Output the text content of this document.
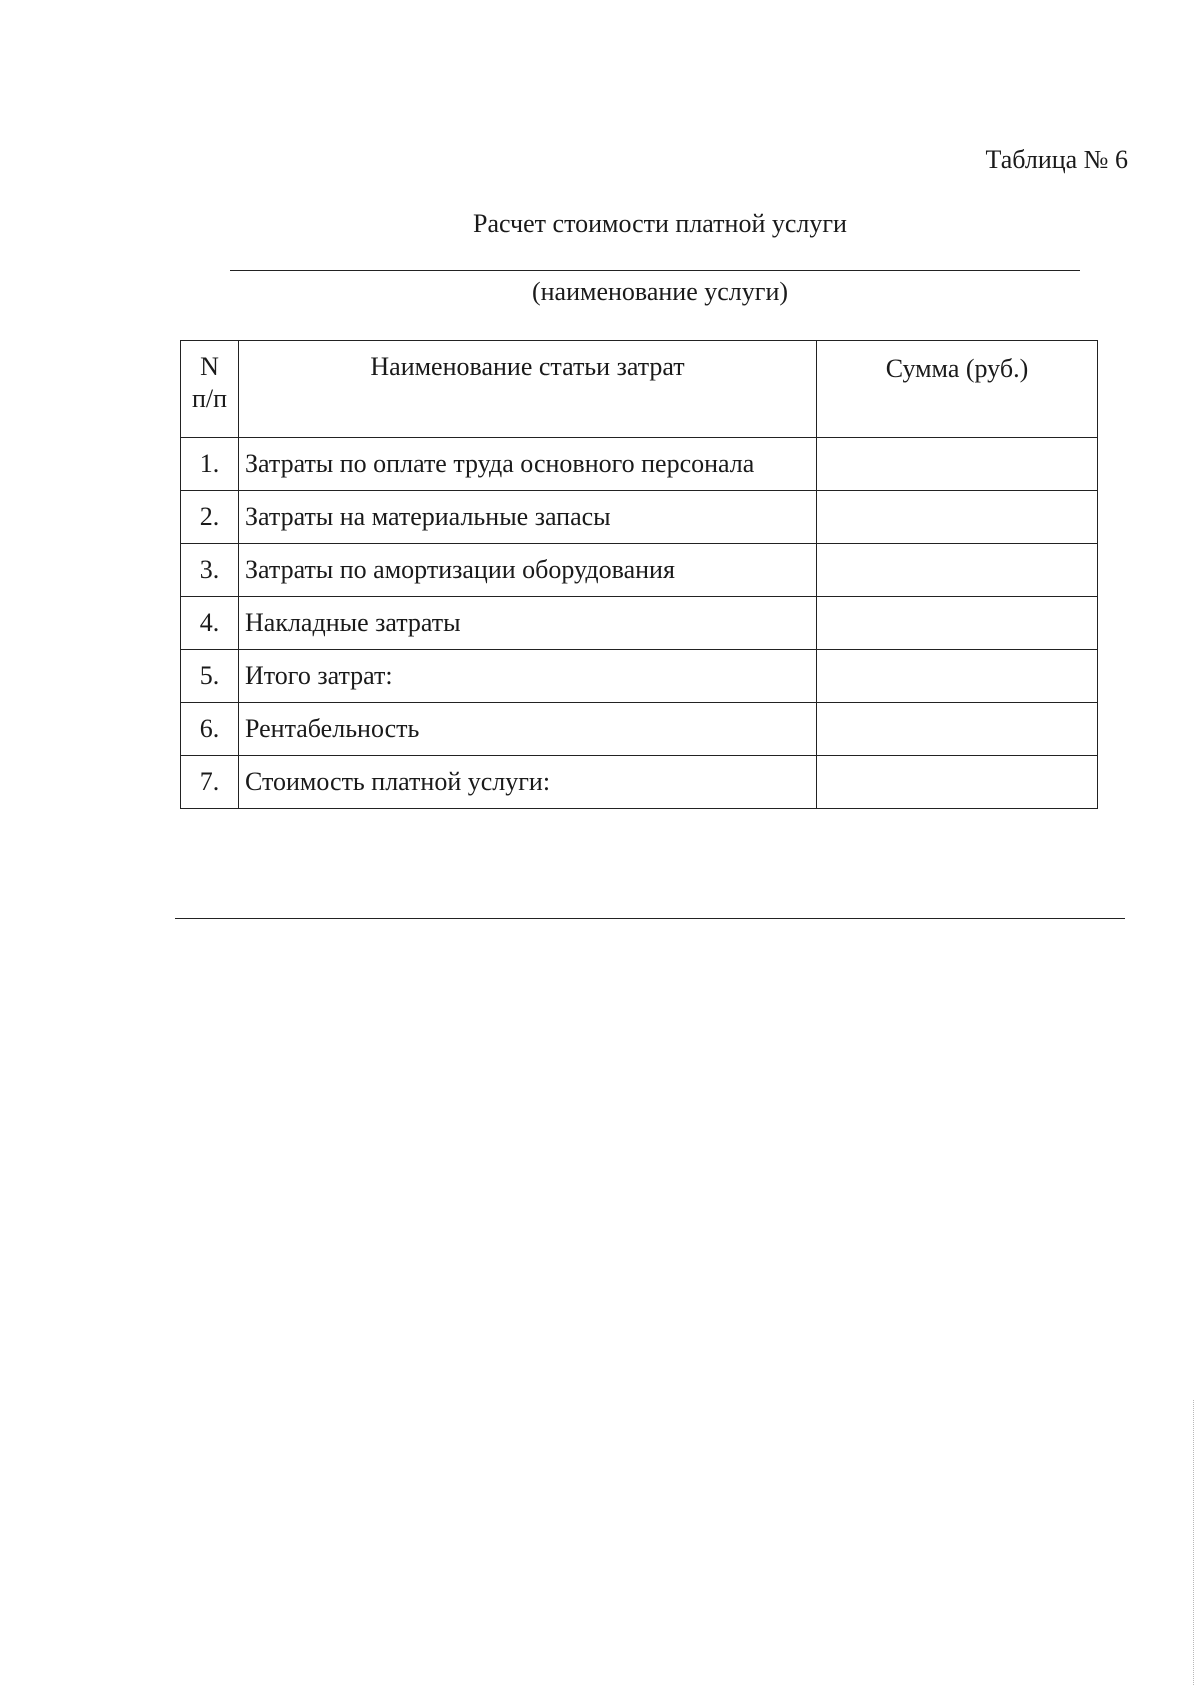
Таблица № 6
Расчет стоимости платной услуги
(наименование услуги)
N
п/п	Наименование статьи затрат	Сумма (руб.)
1.	Затраты по оплате труда основного персонала	
2.	Затраты на материальные запасы	
3.	Затраты по амортизации оборудования	
4.	Накладные затраты	
5.	Итого затрат:	
6.	Рентабельность	
7.	Стоимость платной услуги:	
